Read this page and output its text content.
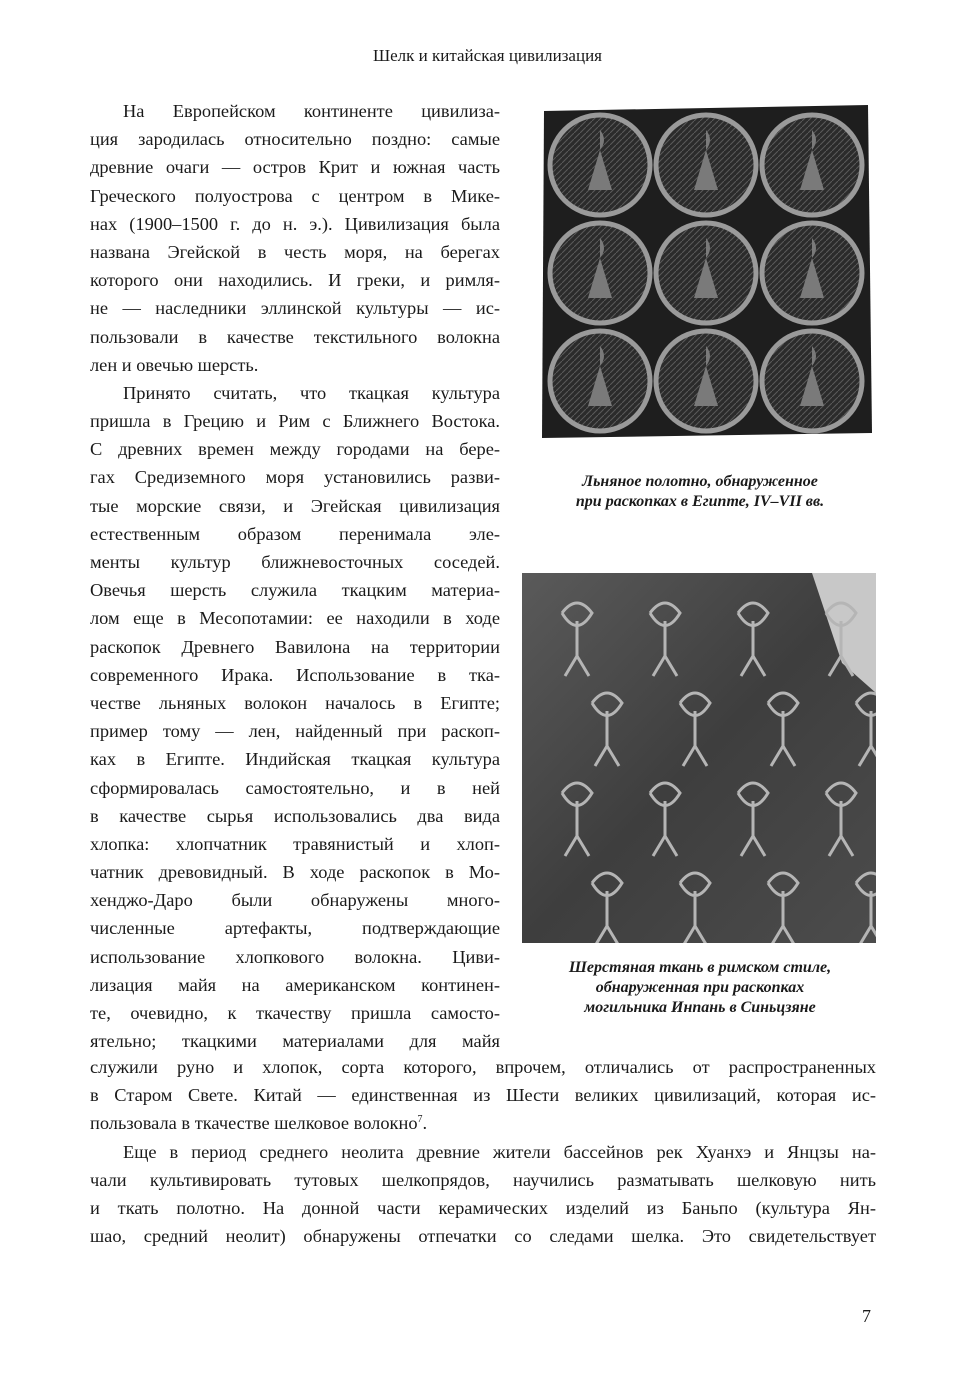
Шелк и китайская цивилизация
На Европейском континенте цивилиза-
ция зародилась относительно поздно: самые
древние очаги — остров Крит и южная часть
Греческого полуострова с центром в Мике-
нах (1900–1500 г. до н. э.). Цивилизация была
названа Эгейской в честь моря, на берегах
которого они находились. И греки, и римля-
не — наследники эллинской культуры — ис-
пользовали в качестве текстильного волокна
лен и овечью шерсть.
Принято считать, что ткацкая культура
пришла в Грецию и Рим с Ближнего Востока.
С древних времен между городами на бере-
гах Средиземного моря установились разви-
тые морские связи, и Эгейская цивилизация
естественным образом перенимала эле-
менты культур ближневосточных соседей.
Овечья шерсть служила ткацким материа-
лом еще в Месопотамии: ее находили в ходе
раскопок Древнего Вавилона на территории
современного Ирака. Использование в тка-
честве льняных волокон началось в Египте;
пример тому — лен, найденный при раскоп-
ках в Египте. Индийская ткацкая культура
сформировалась самостоятельно, и в ней
в качестве сырья использовались два вида
хлопка: хлопчатник травянистый и хлоп-
чатник древовидный. В ходе раскопок в Мо-
хенджо-Даро были обнаружены много-
численные артефакты, подтверждающие
использование хлопкового волокна. Циви-
лизация майя на американском континен-
те, очевидно, к ткачеству пришла самосто-
ятельно; ткацкими материалами для майя
служили руно и хлопок, сорта которого, впрочем, отличались от распространенных
в Старом Свете. Китай — единственная из Шести великих цивилизаций, которая ис-
пользовала в ткачестве шелковое волокно$^7$.
Еще в период среднего неолита древние жители бассейнов рек Хуанхэ и Янцзы на-
чали культивировать тутовых шелкопрядов, научились разматывать шелковую нить
и ткать полотно. На донной части керамических изделий из Баньпо (культура Ян-
шао, средний неолит) обнаружены отпечатки со следами шелка. Это свидетельствует
Льняное полотно, обнаруженное
при раскопках в Египте, IV–VII вв.
Шерстяная ткань в римском стиле,
обнаруженная при раскопках
могильника Инпань в Синьцзяне
7
